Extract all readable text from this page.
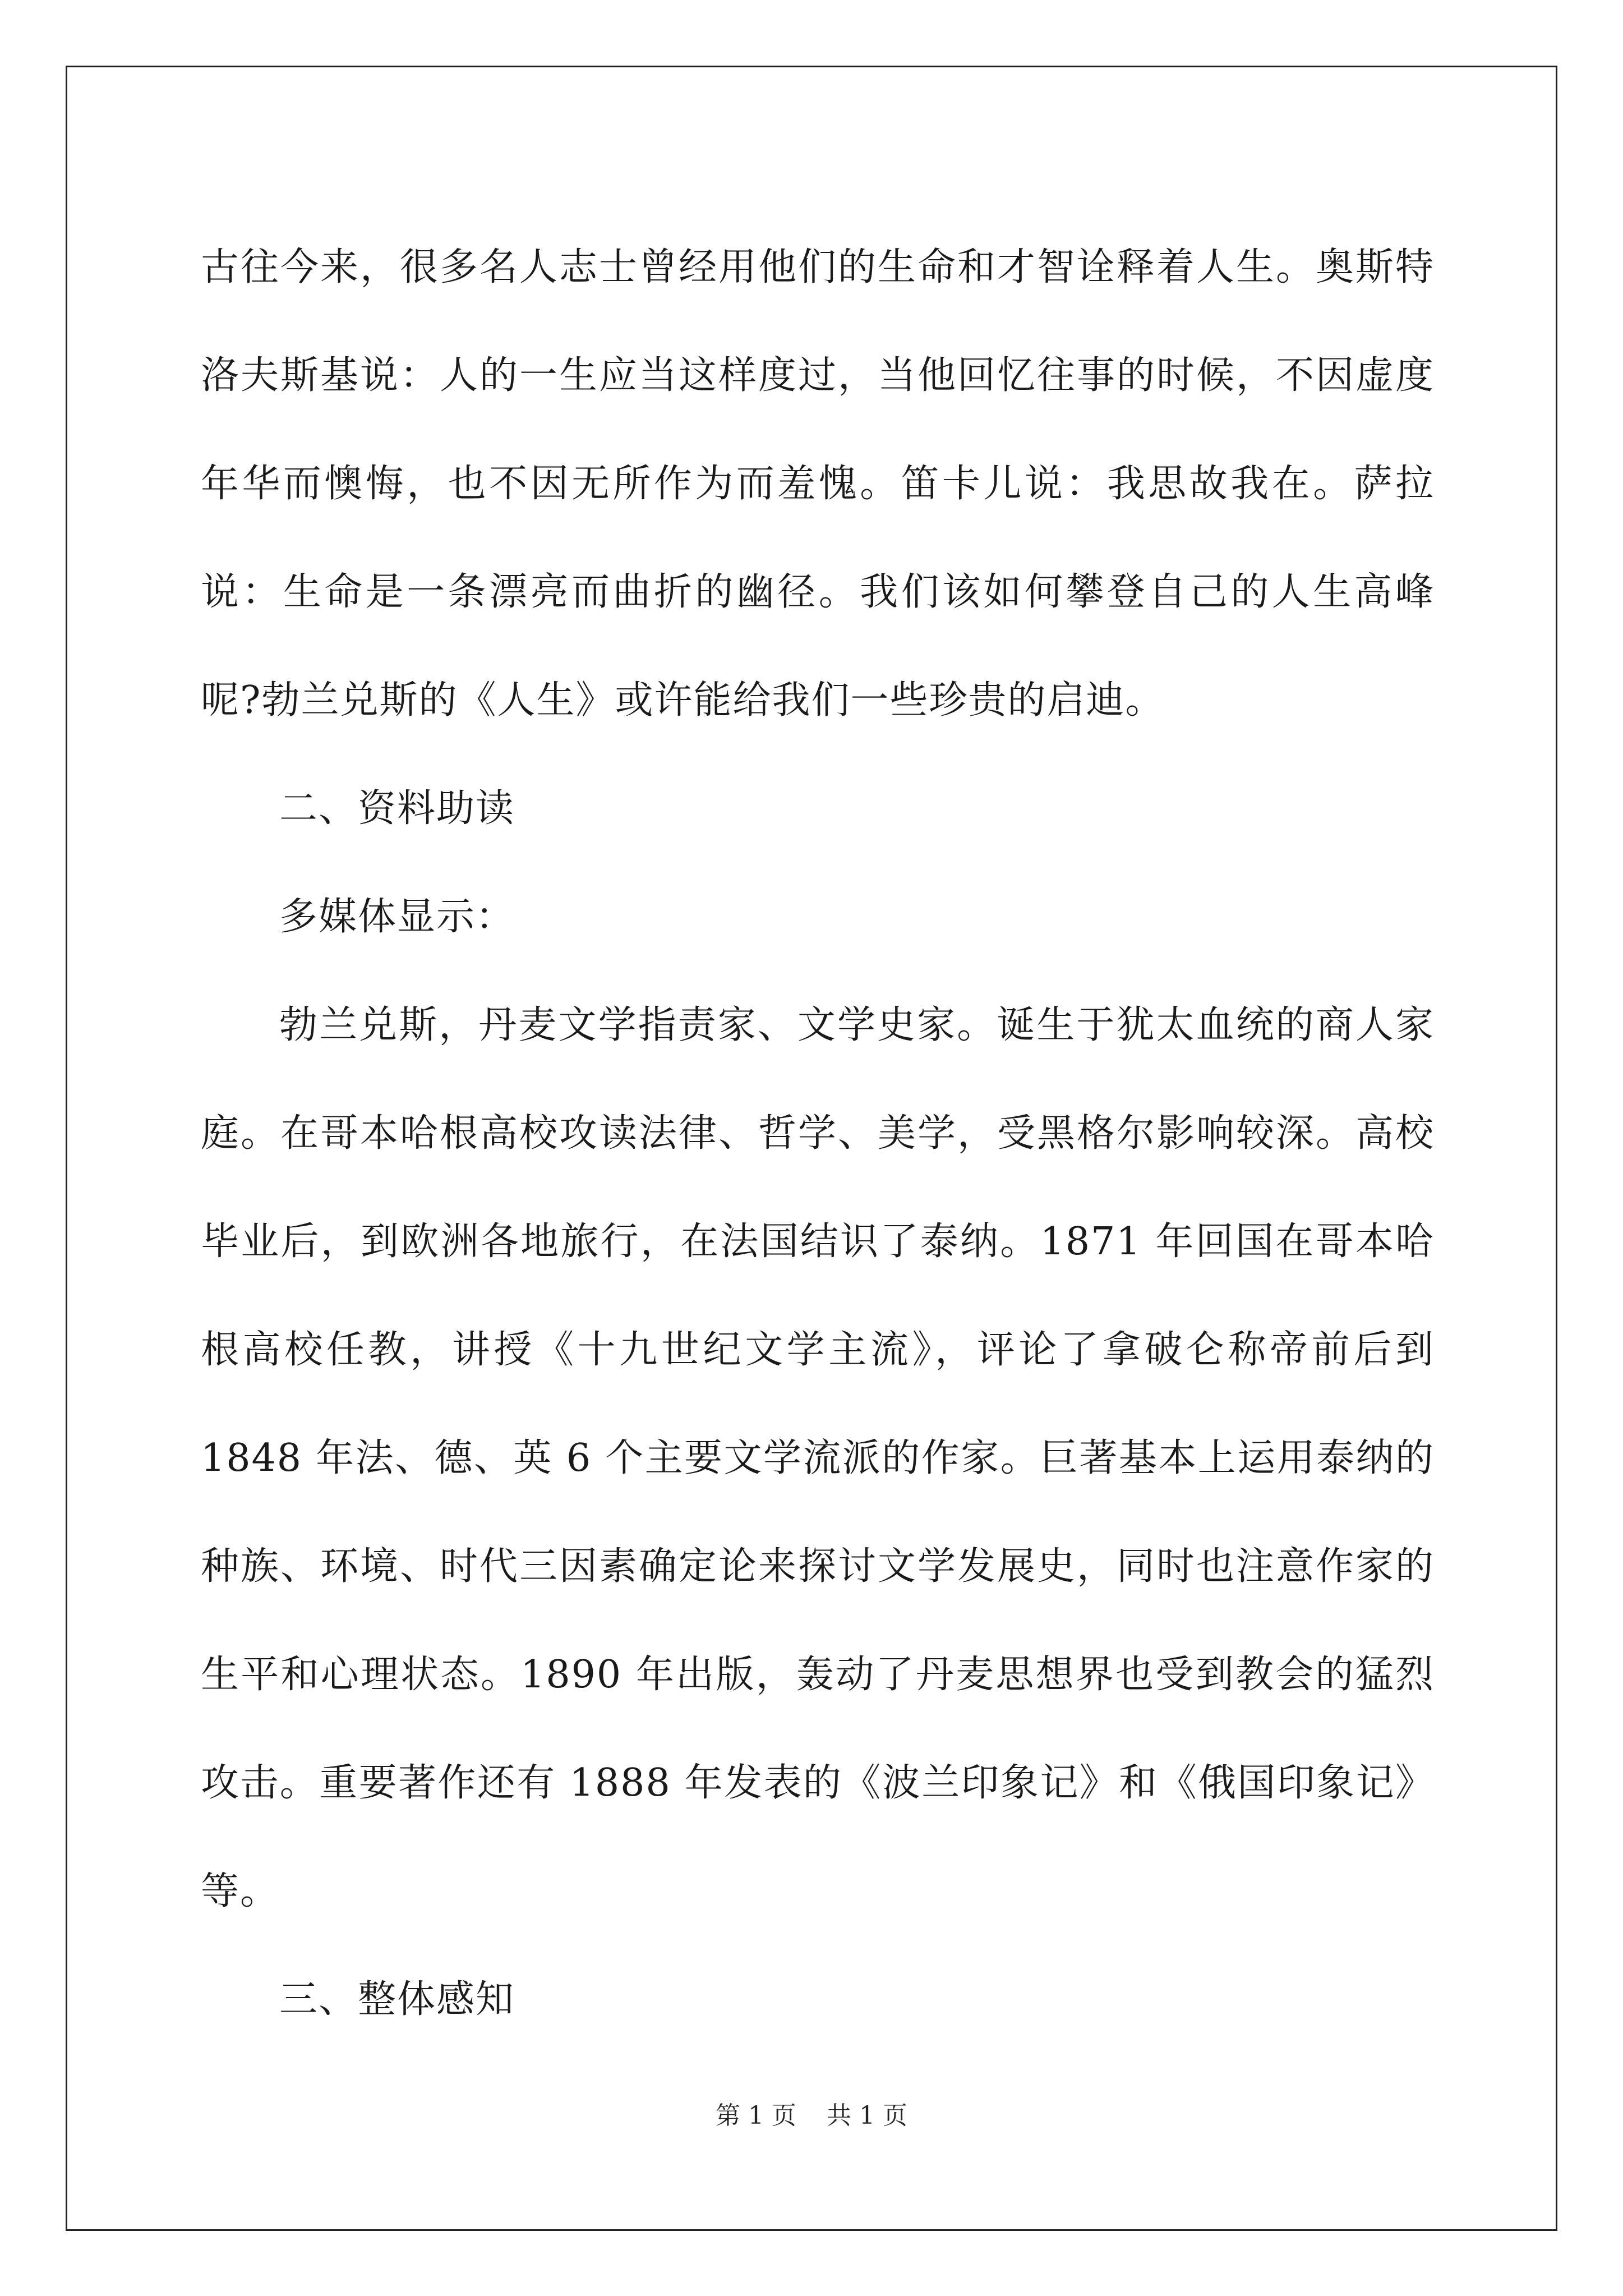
古往今来，很多名人志士曾经用他们的生命和才智诠释着人生。奥斯特洛夫斯基说：人的一生应当这样度过，当他回忆往事的时候，不因虚度年华而懊悔，也不因无所作为而羞愧。笛卡儿说：我思故我在。萨拉说：生命是一条漂亮而曲折的幽径。我们该如何攀登自己的人生高峰呢?勃兰兑斯的《人生》或许能给我们一些珍贵的启迪。

二、资料助读

多媒体显示：

勃兰兑斯，丹麦文学指责家、文学史家。诞生于犹太血统的商人家庭。在哥本哈根高校攻读法律、哲学、美学，受黑格尔影响较深。高校毕业后，到欧洲各地旅行，在法国结识了泰纳。1871 年回国在哥本哈根高校任教，讲授《十九世纪文学主流》，评论了拿破仑称帝前后到 1848 年法、德、英 6 个主要文学流派的作家。巨著基本上运用泰纳的种族、环境、时代三因素确定论来探讨文学发展史，同时也注意作家的生平和心理状态。1890 年出版，轰动了丹麦思想界也受到教会的猛烈攻击。重要著作还有 1888 年发表的《波兰印象记》和《俄国印象记》等。

三、整体感知

第 1 页 共 1 页
